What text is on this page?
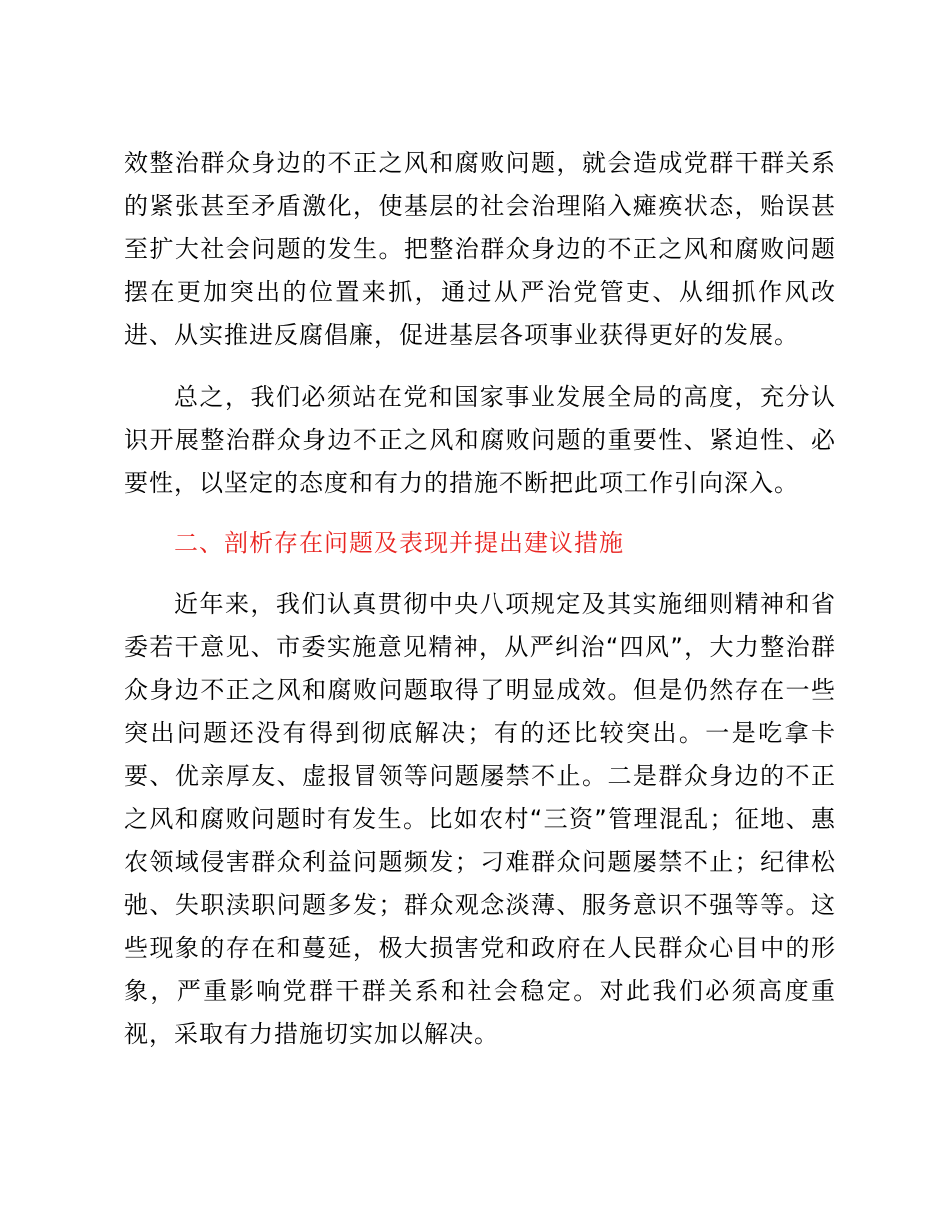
效整治群众身边的不正之风和腐败问题，就会造成党群干群关系的紧张甚至矛盾激化，使基层的社会治理陷入瘫痪状态，贻误甚至扩大社会问题的发生。把整治群众身边的不正之风和腐败问题摆在更加突出的位置来抓，通过从严治党管吏、从细抓作风改进、从实推进反腐倡廉，促进基层各项事业获得更好的发展。

总之，我们必须站在党和国家事业发展全局的高度，充分认识开展整治群众身边不正之风和腐败问题的重要性、紧迫性、必要性，以坚定的态度和有力的措施不断把此项工作引向深入。

二、剖析存在问题及表现并提出建议措施

近年来，我们认真贯彻中央八项规定及其实施细则精神和省委若干意见、市委实施意见精神，从严纠治“四风”，大力整治群众身边不正之风和腐败问题取得了明显成效。但是仍然存在一些突出问题还没有得到彻底解决；有的还比较突出。一是吃拿卡要、优亲厚友、虚报冒领等问题屡禁不止。二是群众身边的不正之风和腐败问题时有发生。比如农村“三资”管理混乱；征地、惠农领域侵害群众利益问题频发；刁难群众问题屡禁不止；纪律松弛、失职渎职问题多发；群众观念淡薄、服务意识不强等等。这些现象的存在和蔓延，极大损害党和政府在人民群众心目中的形象，严重影响党群干群关系和社会稳定。对此我们必须高度重视，采取有力措施切实加以解决。
